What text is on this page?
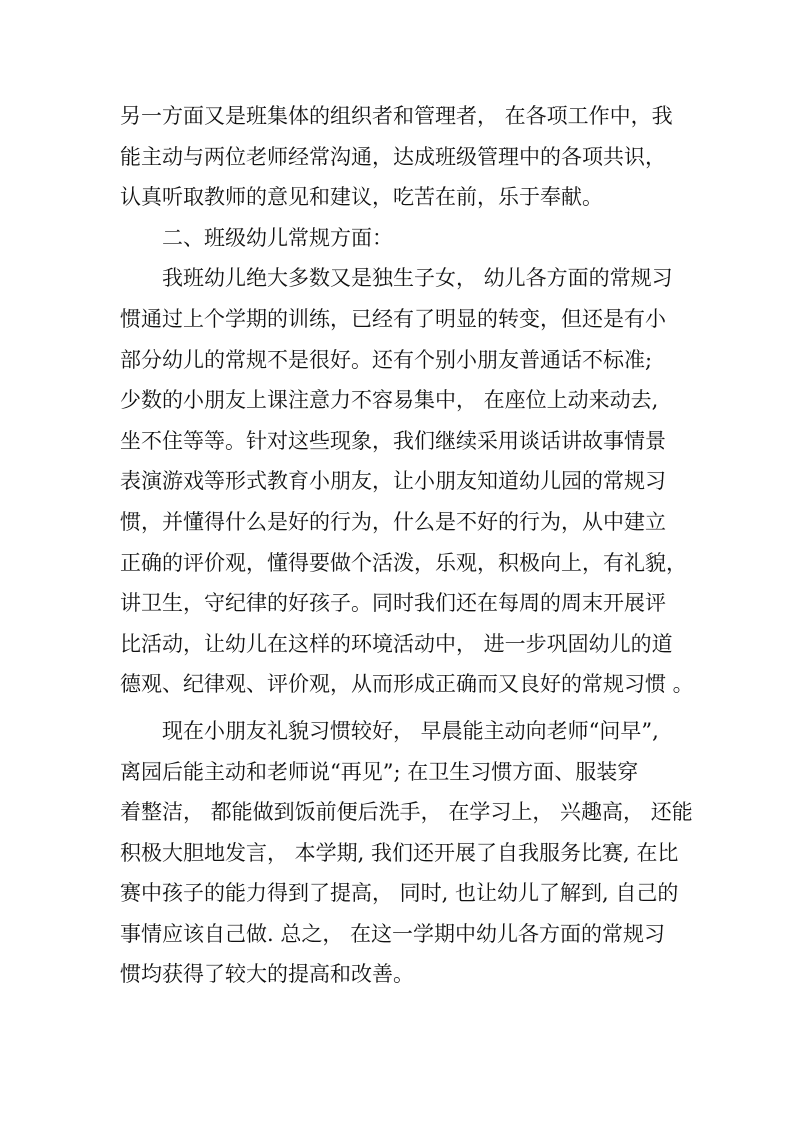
另一方面又是班集体的组织者和管理者， 在各项工作中，我
能主动与两位老师经常沟通，达成班级管理中的各项共识，
认真听取教师的意见和建议，吃苦在前，乐于奉献。
二、班级幼儿常规方面：
我班幼儿绝大多数又是独生子女， 幼儿各方面的常规习
惯通过上个学期的训练，已经有了明显的转变，但还是有小
部分幼儿的常规不是很好。还有个别小朋友普通话不标准;
少数的小朋友上课注意力不容易集中， 在座位上动来动去,
坐不住等等。针对这些现象，我们继续采用谈话讲故事情景
表演游戏等形式教育小朋友，让小朋友知道幼儿园的常规习
惯，并懂得什么是好的行为，什么是不好的行为，从中建立
正确的评价观，懂得要做个活泼，乐观，积极向上，有礼貌，
讲卫生，守纪律的好孩子。同时我们还在每周的周末开展评
比活动，让幼儿在这样的环境活动中， 进一步巩固幼儿的道
德观、纪律观、评价观，从而形成正确而又良好的常规习惯 。
现在小朋友礼貌习惯较好， 早晨能主动向老师“问早”,
离园后能主动和老师说“再见”; 在卫生习惯方面、服装穿
着整洁， 都能做到饭前便后洗手， 在学习上， 兴趣高， 还能
积极大胆地发言， 本学期, 我们还开展了自我服务比赛, 在比
赛中孩子的能力得到了提高， 同时, 也让幼儿了解到, 自己的
事情应该自己做. 总之， 在这一学期中幼儿各方面的常规习
惯均获得了较大的提高和改善。
